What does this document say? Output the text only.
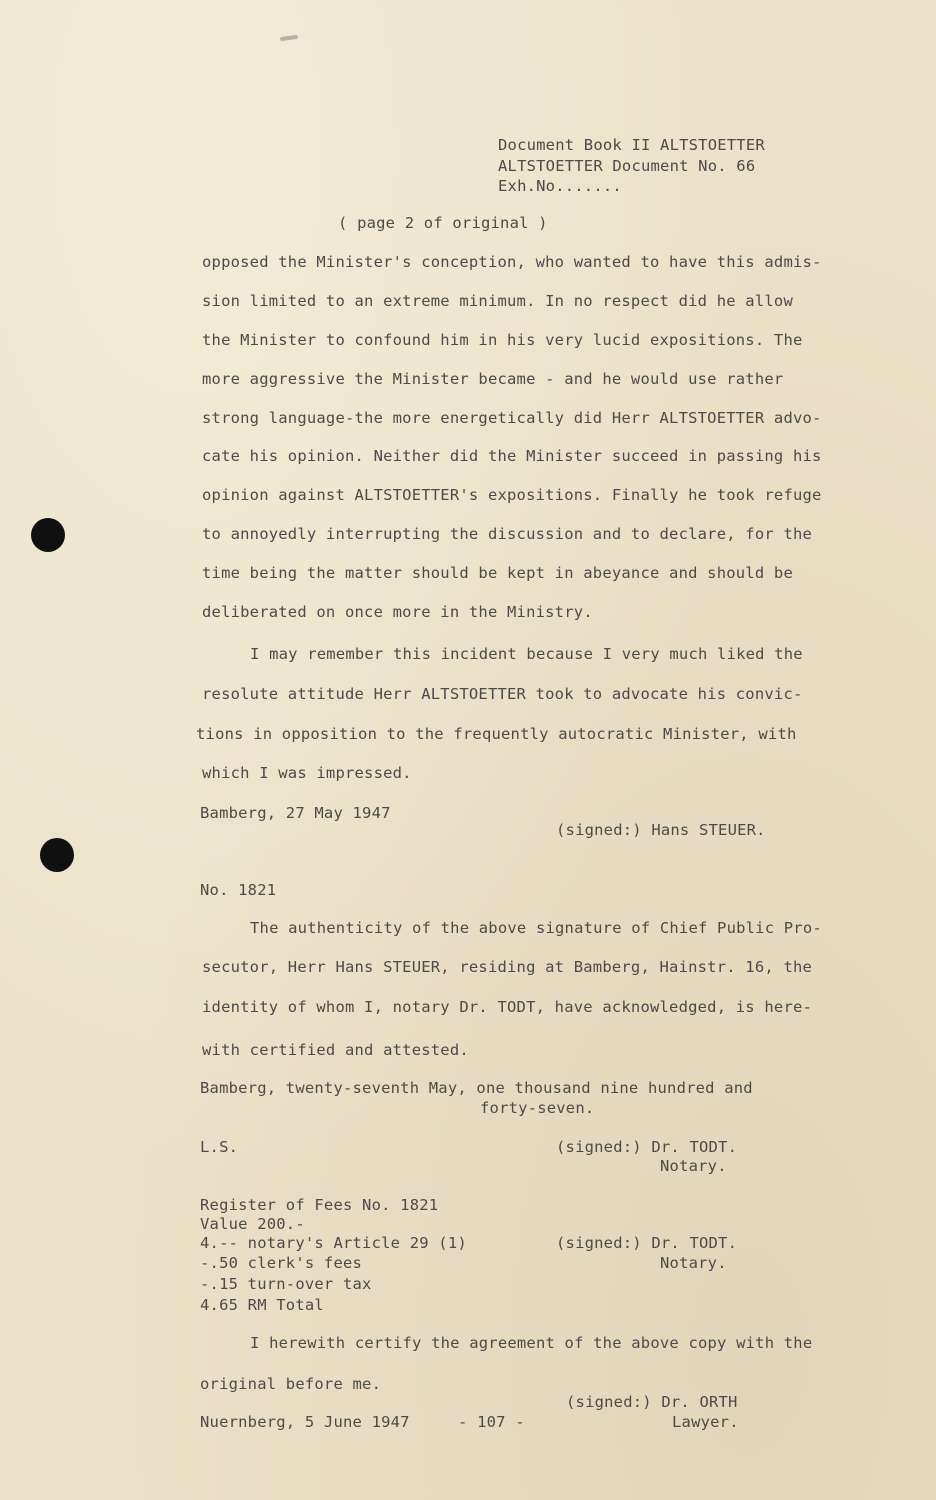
Document Book II ALTSTOETTER
ALTSTOETTER Document No. 66
Exh.No.......
( page 2 of original )
opposed the Minister's conception, who wanted to have this admis-
sion limited to an extreme minimum. In no respect did he allow
the Minister to confound him in his very lucid expositions. The
more aggressive the Minister became - and he would use rather
strong language-the more energetically did Herr ALTSTOETTER advo-
cate his opinion. Neither did the Minister succeed in passing his
opinion against ALTSTOETTER's expositions. Finally he took refuge
to annoyedly interrupting the discussion and to declare, for the
time being the matter should be kept in abeyance and should be
deliberated on once more in the Ministry.
I may remember this incident because I very much liked the
resolute attitude Herr ALTSTOETTER took to advocate his convic-
tions in opposition to the frequently autocratic Minister, with
which I was impressed.
Bamberg, 27 May 1947
(signed:) Hans STEUER.
No. 1821
The authenticity of the above signature of Chief Public Pro-
secutor, Herr Hans STEUER, residing at Bamberg, Hainstr. 16, the
identity of whom I, notary Dr. TODT, have acknowledged, is here-
with certified and attested.
Bamberg, twenty-seventh May, one thousand nine hundred and
forty-seven.
L.S.	(signed:) Dr. TODT.
Notary.
Register of Fees No. 1821
Value 200.-
4.-- notary's Article 29 (1)
-.50 clerk's fees
-.15 turn-over tax
4.65 RM Total
(signed:) Dr. TODT.
Notary.
I herewith certify the agreement of the above copy with the
original before me.
(signed:) Dr. ORTH
Nuernberg, 5 June 1947	- 107 -	Lawyer.
